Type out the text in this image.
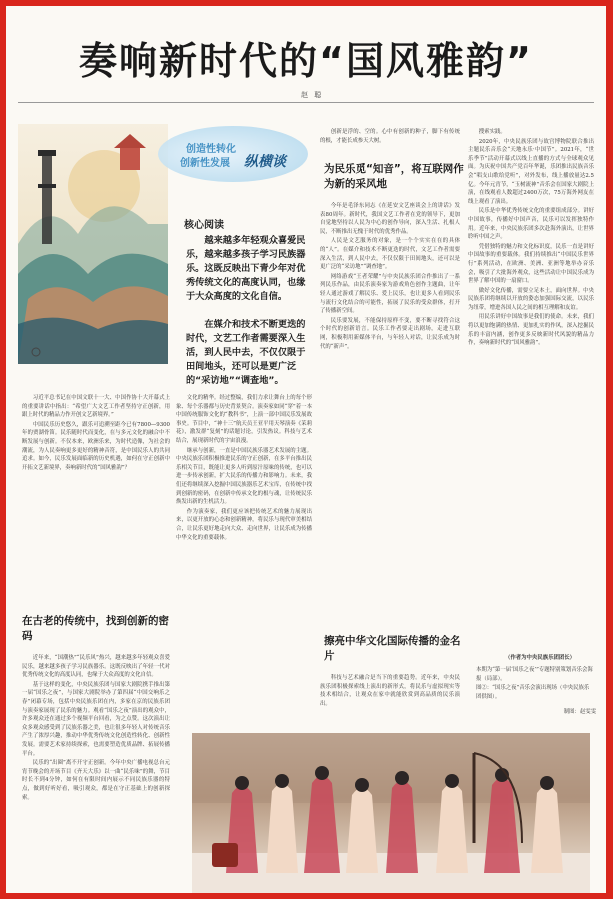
奏响新时代的“国风雅韵”
赵 聪
创造性转化
创新性发展 纵横谈
核心阅读
越来越多年轻观众喜爱民乐，越来越多孩子学习民族器乐。这既反映出下青少年对优秀传统文化的高度认同，也缘于大众高度的文化自信。
在媒介和技术不断更迭的时代，文艺工作者需要深入生活，到人民中去，不仅仅限于田间地头，还可以是更广泛的“采访地”“调查地”。

习近平总书记在中国文联十一大、中国作协十大开幕式上的重要讲话中指出：“希望广大文艺工作者坚持守正创新，用跟上时代的精品力作开创文艺新境界。”

中国民乐历史悠久，跟乐可追溯至距今已有7800—9300年的贾湖骨笛。民乐随时代而变化，在与多元文化的融合中不断发展与创新。不仅本来，欧洲乐来，为时代造像，为社会的潮流，为人民奏响更多更好的精神音符，是中国民乐人的共同追求。如今，民乐发展面临新的历史机遇，如何在守正创新中开拓文艺新境界，奏响新时代的“国风雅韵”？

在古老的传统中，找到创新的密码

近年来，“国潮热”“民乐风”热兴，越来越多年轻观众喜爱民乐，越来越多孩子学习民族器乐。这既反映出了年轻一代对优秀传统文化的高度认同，也缘于大众高度的文化自信。

基于这样的变化，中央民族乐团与国家大剧院携手推出第一届“国乐之夜”，与国家大剧院举办了第四届“中国交响乐之春”闭幕专场，包括中央民族乐团在内，多家在京的民族乐团与演奏家展现了民乐的魅力。观看“国乐之夜”演出的观众中，许多观众还在通过多个视频平台回看，为之点赞。这次演出让众多观众感受到了民族乐器之美，也让很多年轻人对传统音乐产生了浓厚兴趣，推动中华优秀传统文化创造性转化、创新性发展。需要艺术家持续探索，也需要塑造优质品牌、拓展传播平台。

民乐的“出圈”离不开守正创新。今年中央广播电视总台元宵节晚会的开场节目《齐天大乐》以一曲“民乐味”的舞，节目时长不到4分钟，如何在有限时间内展示不同民族乐器的特点，做到好听好看，吸引观众，都是在守正基础上的创新探索。

文化的精华。经过整编，我们力求让舞台上的每个形象、每个乐器都与历史背景契合。演奏家如同“穿”着一本中国传统服饰文化的“教科书”，上演一部中国民乐发展故事史。节目中，“神十三”航天员王亚平用天琴演奏《茉莉花》，激发群“复刻”的话题讨论，引发热议。科技与艺术结合，展现新时代的宇宙浪漫。

继承与创新，一直是中国民族乐器艺术发展的主题。中央民族乐团积极推进民乐的守正创新，在多平台推出民乐相关节目，既能让更多人听到原汁原味的传统，也可以进一步传承创新，扩大民乐的传播力和影响力。未来，我们还将继续深入挖掘中国民族器乐艺术宝库，在传统中找到创新的密码，在创新中传承文化的根与魂，让传统民乐焕发出新的生机活力。

作为演奏家，我们更应该把传统艺术的魅力展现出来，以更开放的心态和创新精神，将民乐与现代审美相结合，让民乐更好地走向大众、走向世界，让民乐成为传播中华文化的重要载体。

创新是浮的、空的。心中有创新的种子，脚下有传统的根，才能长成参天大树。

为民乐觅“知音”，将互联网作为新的采风地

今年是毛泽东同志《在延安文艺座谈会上的讲话》发表80周年。新时代，我国文艺工作者在党的领导下，更加自觉地坚持以人民为中心的创作导向，深入生活、扎根人民，不断推出无愧于时代的优秀作品。

人民是文艺服务的对象，是一个个实实在在的具体的“人”。在媒介和技术不断更迭的时代，文艺工作者需要深入生活，到人民中去，不仅仅限于田间地头，还可以是更广泛的“采访地”“调查地”。

网络游戏“王者荣耀”与中央民族乐团合作推出了一系列民乐作品，由民乐演奏家为游戏角色创作主题曲，让年轻人通过游戏了解民乐、爱上民乐，也让更多人看到民乐与流行文化结合的可能性，拓展了民乐的受众群体，打开了传播新空间。

民乐要发展，不能保持原样不变，要不断寻找符合这个时代的创新语言。民乐工作者要走出剧场，走进互联网，积极利用新媒体平台，与年轻人对话，让民乐成为时代的“新声”。

擦亮中华文化国际传播的金名片

科技与艺术融合是当下的重要趋势。近年来，中央民族乐团积极探索线上演出的新形式，将民乐与虚拟现实等技术相结合，让观众在家中就能欣赏到高品质的民乐演出。

搜索实践。

2020年，中央民族乐团与故宫博物院联合推出主题民乐音乐会“天地永乐·中国节”。2021年，“世乐季节”活动开幕式以线上直播的方式与全球观众见面。为庆祝中国共产党百年华诞，乐团推出民族音乐会“唱支山歌给党听”，对外发布，线上播放量达2.5亿。今年元宵节，“玉树流神”音乐会在国家大剧院上演，在线观看人数超过2400万次，75万海外网友在线上观看了演出。

民乐是中华优秀传统文化的重要组成部分。讲好中国故事，传播好中国声音，民乐可以发挥独特作用。近年来，中央民族乐团多次赴海外演出，让世界聆听中国之声。

凭借独特的魅力和文化标识度，民乐一直是讲好中国故事的重要载体。我们持续推出“中国民乐世界行”系列活动，在欧洲、美洲、亚洲等地举办音乐会，吸引了大批海外观众，这些活动让中国民乐成为世界了解中国的一扇窗口。

做好文化传播，需要立足本土，面向世界。中央民族乐团将继续以开放的姿态加强国际交流，以民乐为纽带，增进各国人民之间的相互理解和友谊。

用民乐讲好中国故事是我们的使命。未来，我们将以更加饱满的热情、更加扎实的作风，深入挖掘民乐的丰富内涵，创作更多反映新时代风貌的精品力作，奏响新时代的“国风雅韵”。

（作者为中央民族乐团团长）
本期为“第一届‘国乐之夜’”专题特别策划音乐会海报（局部）。
图②：“国乐之夜”音乐会演出现场（中央民族乐团供图）。
制图：赵雯雯
